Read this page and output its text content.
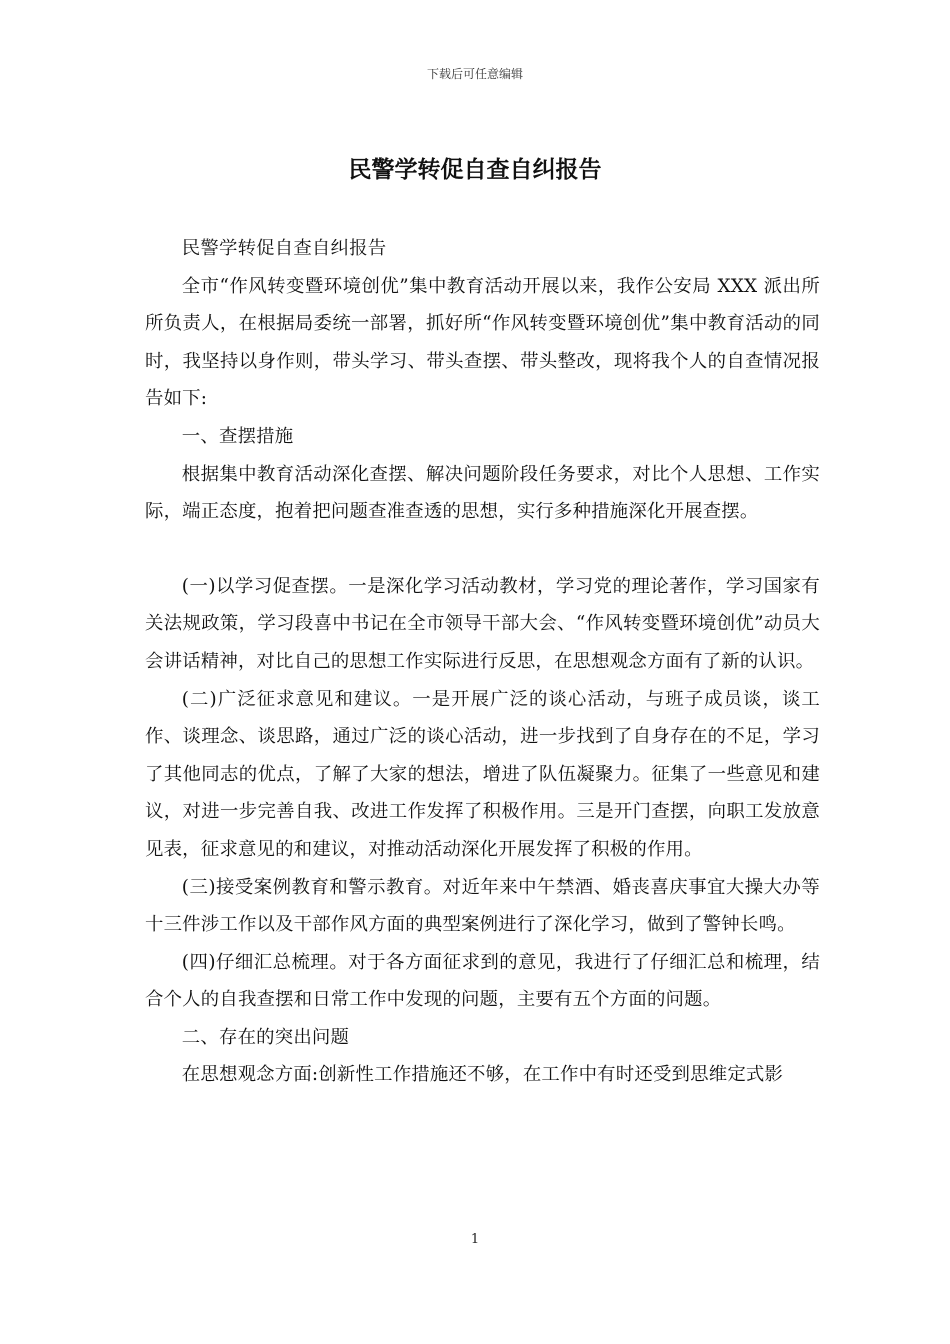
下载后可任意编辑
民警学转促自查自纠报告

民警学转促自查自纠报告

全市“作风转变暨环境创优”集中教育活动开展以来，我作公安局 XXX 派出所所负责人，在根据局委统一部署，抓好所“作风转变暨环境创优”集中教育活动的同时，我坚持以身作则，带头学习、带头查摆、带头整改，现将我个人的自查情况报告如下:

一、查摆措施

根据集中教育活动深化查摆、解决问题阶段任务要求，对比个人思想、工作实际，端正态度，抱着把问题查准查透的思想，实行多种措施深化开展查摆。

(一)以学习促查摆。一是深化学习活动教材，学习党的理论著作，学习国家有关法规政策，学习段喜中书记在全市领导干部大会、“作风转变暨环境创优”动员大会讲话精神，对比自己的思想工作实际进行反思，在思想观念方面有了新的认识。

(二)广泛征求意见和建议。一是开展广泛的谈心活动，与班子成员谈，谈工作、谈理念、谈思路，通过广泛的谈心活动，进一步找到了自身存在的不足，学习了其他同志的优点，了解了大家的想法，增进了队伍凝聚力。征集了一些意见和建议，对进一步完善自我、改进工作发挥了积极作用。三是开门查摆，向职工发放意见表，征求意见的和建议，对推动活动深化开展发挥了积极的作用。

(三)接受案例教育和警示教育。对近年来中午禁酒、婚丧喜庆事宜大操大办等十三件涉工作以及干部作风方面的典型案例进行了深化学习，做到了警钟长鸣。

(四)仔细汇总梳理。对于各方面征求到的意见，我进行了仔细汇总和梳理，结合个人的自我查摆和日常工作中发现的问题，主要有五个方面的问题。

二、存在的突出问题

在思想观念方面:创新性工作措施还不够，在工作中有时还受到思维定式影

1
